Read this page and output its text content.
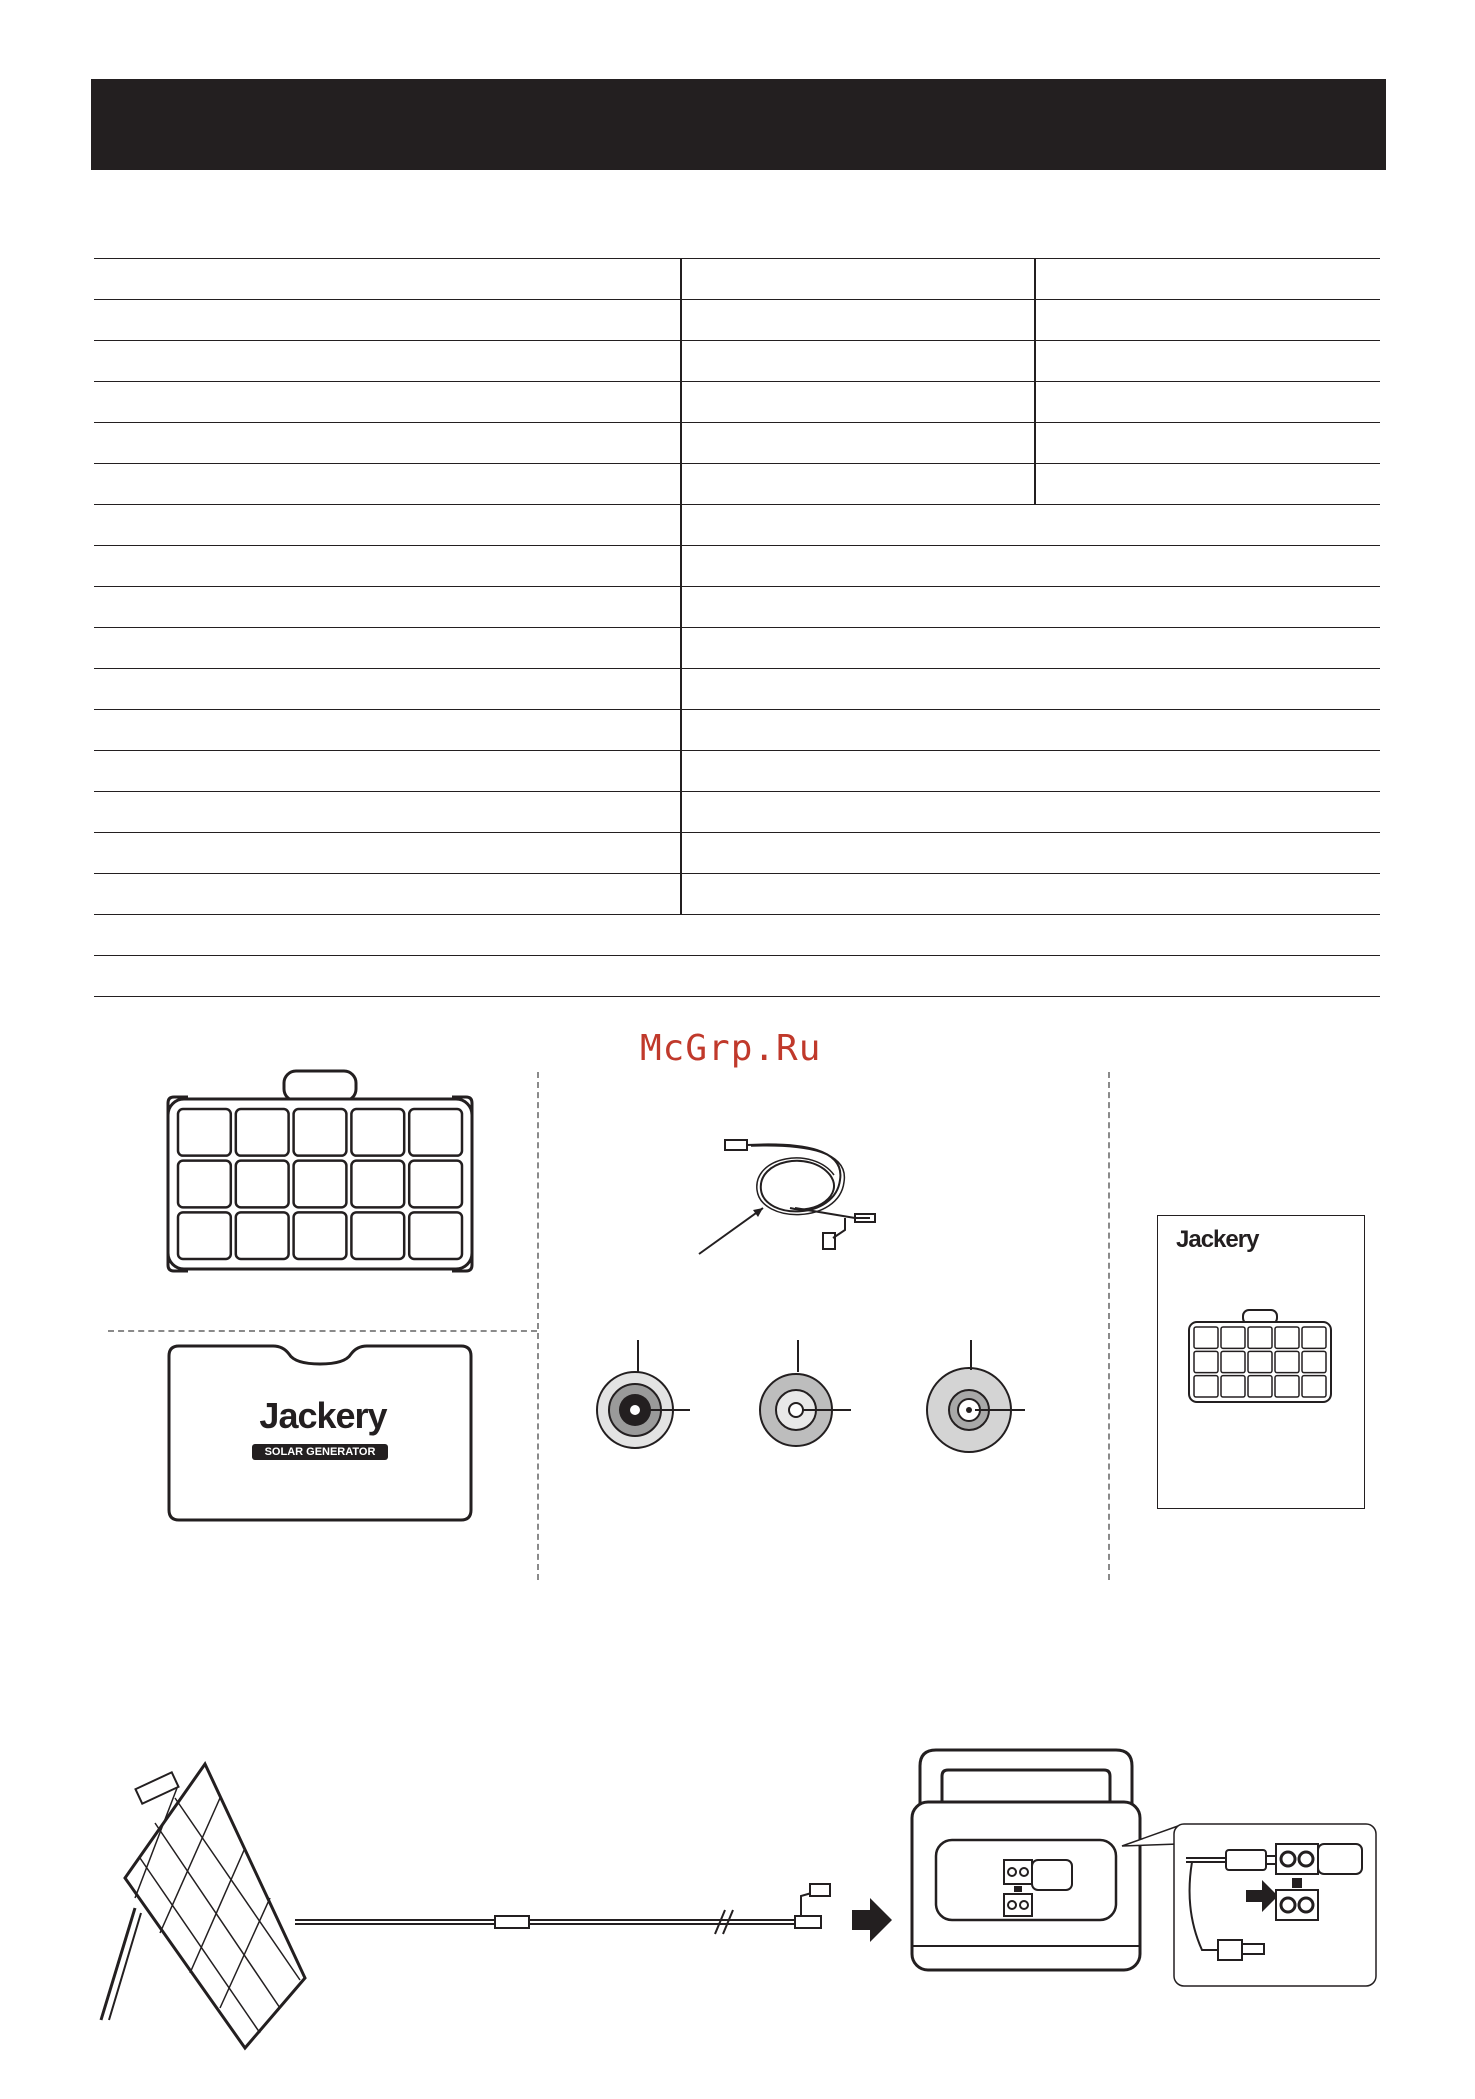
McGrp.Ru
Jackery
SOLAR GENERATOR
Jackery
